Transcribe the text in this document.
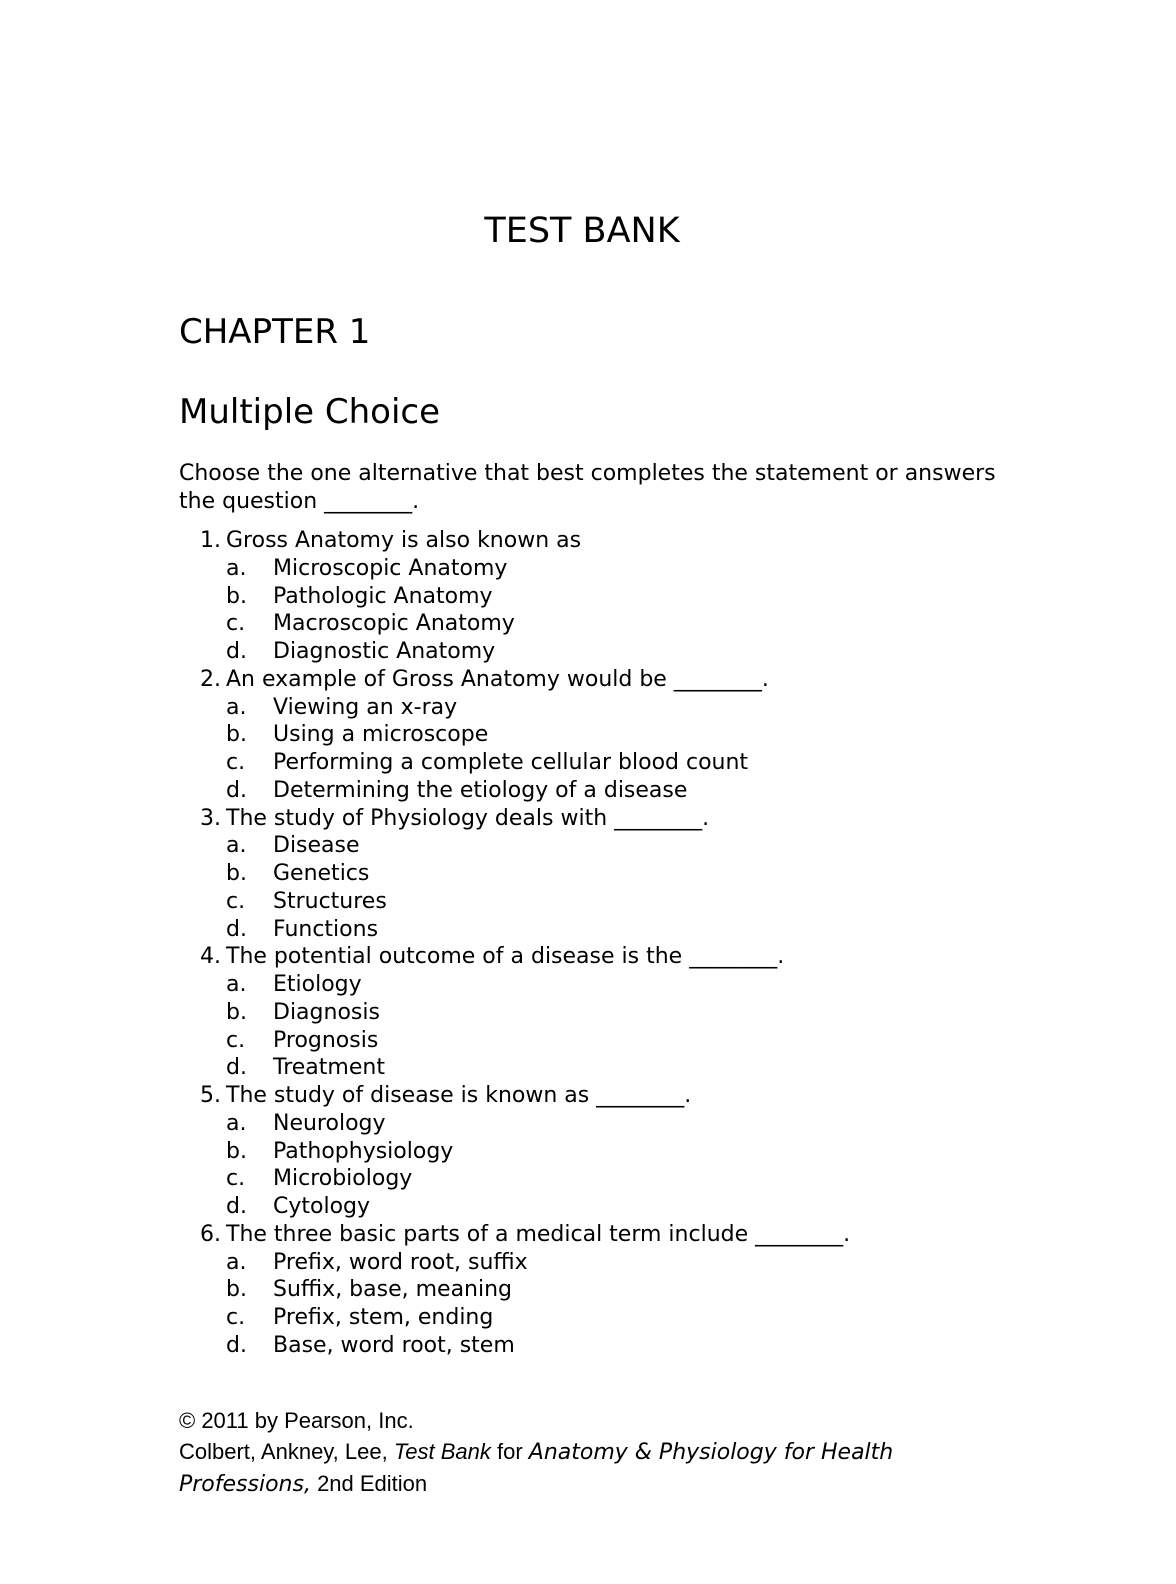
TEST BANK
CHAPTER 1
Multiple Choice

Choose the one alternative that best completes the statement or answers the question ________.

1. Gross Anatomy is also known as
a. Microscopic Anatomy
b. Pathologic Anatomy
c. Macroscopic Anatomy
d. Diagnostic Anatomy
2. An example of Gross Anatomy would be ________.
a. Viewing an x-ray
b. Using a microscope
c. Performing a complete cellular blood count
d. Determining the etiology of a disease
3. The study of Physiology deals with ________.
a. Disease
b. Genetics
c. Structures
d. Functions
4. The potential outcome of a disease is the ________.
a. Etiology
b. Diagnosis
c. Prognosis
d. Treatment
5. The study of disease is known as ________.
a. Neurology
b. Pathophysiology
c. Microbiology
d. Cytology
6. The three basic parts of a medical term include ________.
a. Prefix, word root, suffix
b. Suffix, base, meaning
c. Prefix, stem, ending
d. Base, word root, stem
© 2011 by Pearson, Inc.
Colbert, Ankney, Lee, Test Bank for Anatomy & Physiology for Health
Professions, 2nd Edition
